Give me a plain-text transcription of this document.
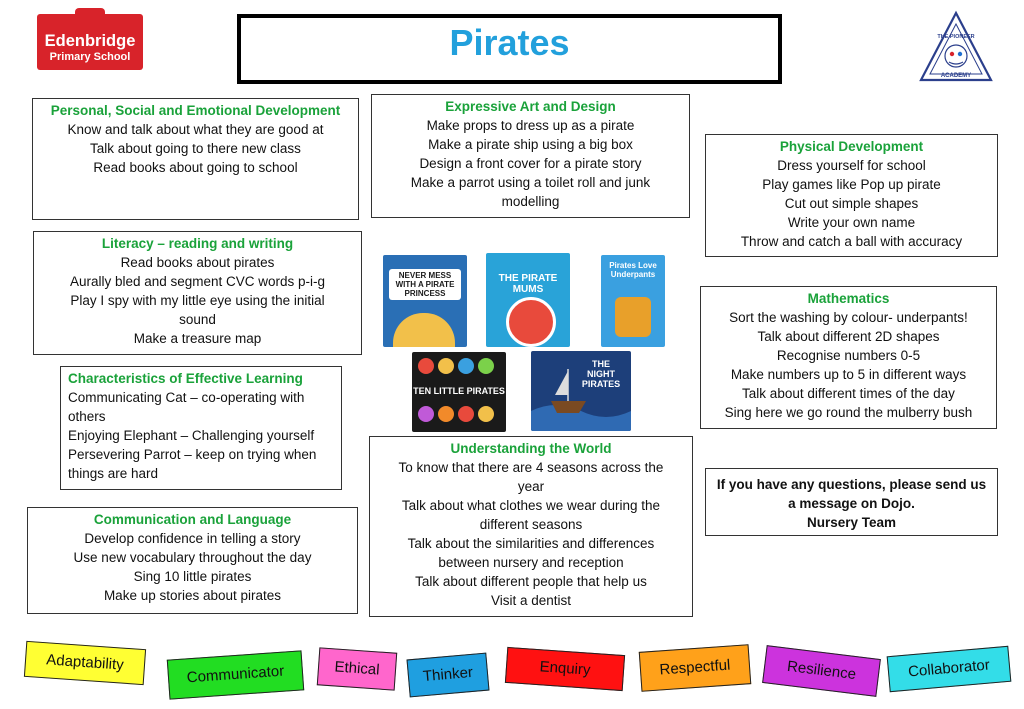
Edenbridge
Primary School	Pirates	THE PIONEER
ACADEMY
Personal, Social and Emotional Development
Know and talk about what they are good at
Talk about going to there new class
Read books about going to school
Expressive Art and Design
Make props to dress up as a pirate
Make a pirate ship using a big box
Design a front cover for a pirate story
Make a parrot using a toilet roll and junk
modelling
Physical Development
Dress yourself for school
Play games like Pop up pirate
Cut out simple shapes
Write your own name
Throw and catch a ball with accuracy
Literacy – reading and writing
Read books about pirates
Aurally bled and segment CVC words p-i-g
Play I spy with my little eye using the initial
sound
Make a treasure map
NEVER MESS WITH A PIRATE PRINCESS
THE PIRATE MUMS
Pirates Love Underpants
TEN LITTLE PIRATES
THE NIGHT PIRATES
Mathematics
Sort the washing by colour- underpants!
Talk about different 2D shapes
Recognise numbers 0-5
Make numbers up to 5 in different ways
Talk about different times of the day
Sing here we go round the mulberry bush
Characteristics of Effective Learning
Communicating Cat – co-operating with
others
Enjoying Elephant – Challenging yourself
Persevering Parrot – keep on trying when
things are hard
Understanding the World
To know that there are 4 seasons across the
year
Talk about what clothes we wear during the
different seasons
Talk about the similarities and differences
between nursery and reception
Talk about different people that help us
Visit a dentist
If you have any questions, please send us
a message on Dojo.
Nursery Team
Communication and Language
Develop confidence in telling a story
Use new vocabulary throughout the day
Sing 10 little pirates
Make up stories about pirates
Adaptability
Communicator	Ethical	Thinker	Enquiry	Respectful	Resilience	Collaborator
